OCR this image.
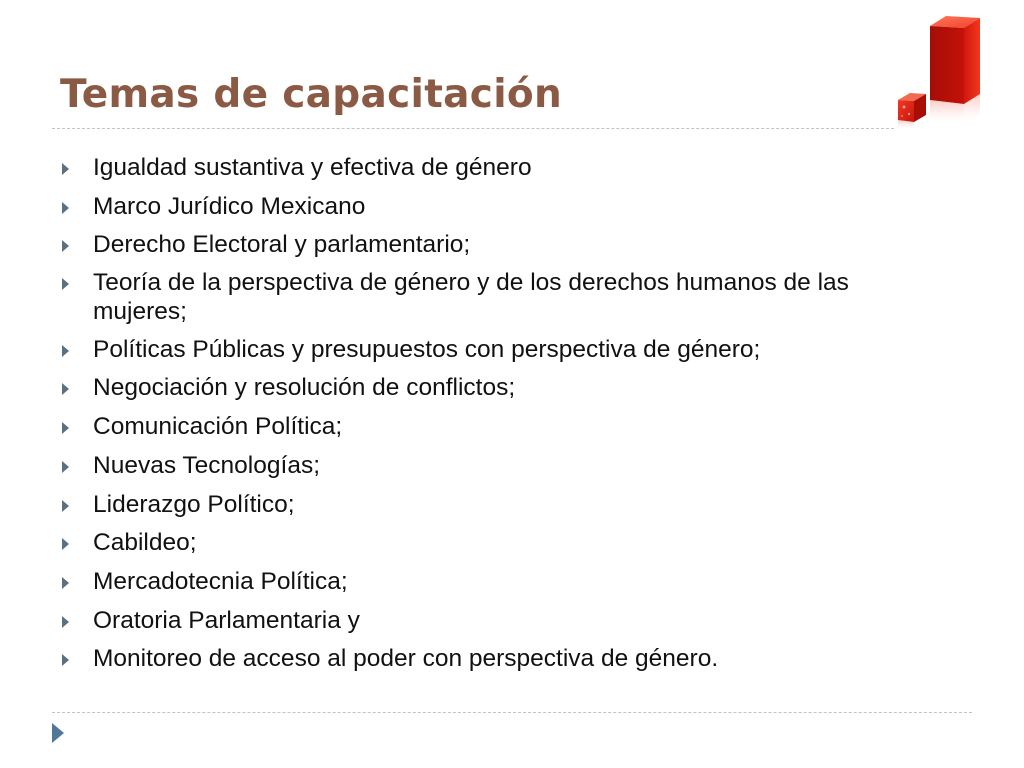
Temas de capacitación
Igualdad sustantiva y efectiva de género
Marco Jurídico Mexicano
Derecho Electoral y parlamentario;
Teoría de la perspectiva de género y de los derechos humanos de las mujeres;
Políticas Públicas y presupuestos con perspectiva de género;
Negociación y resolución de conflictos;
Comunicación Política;
Nuevas Tecnologías;
Liderazgo Político;
Cabildeo;
Mercadotecnia Política;
Oratoria Parlamentaria y
Monitoreo de acceso al poder con perspectiva de género.
